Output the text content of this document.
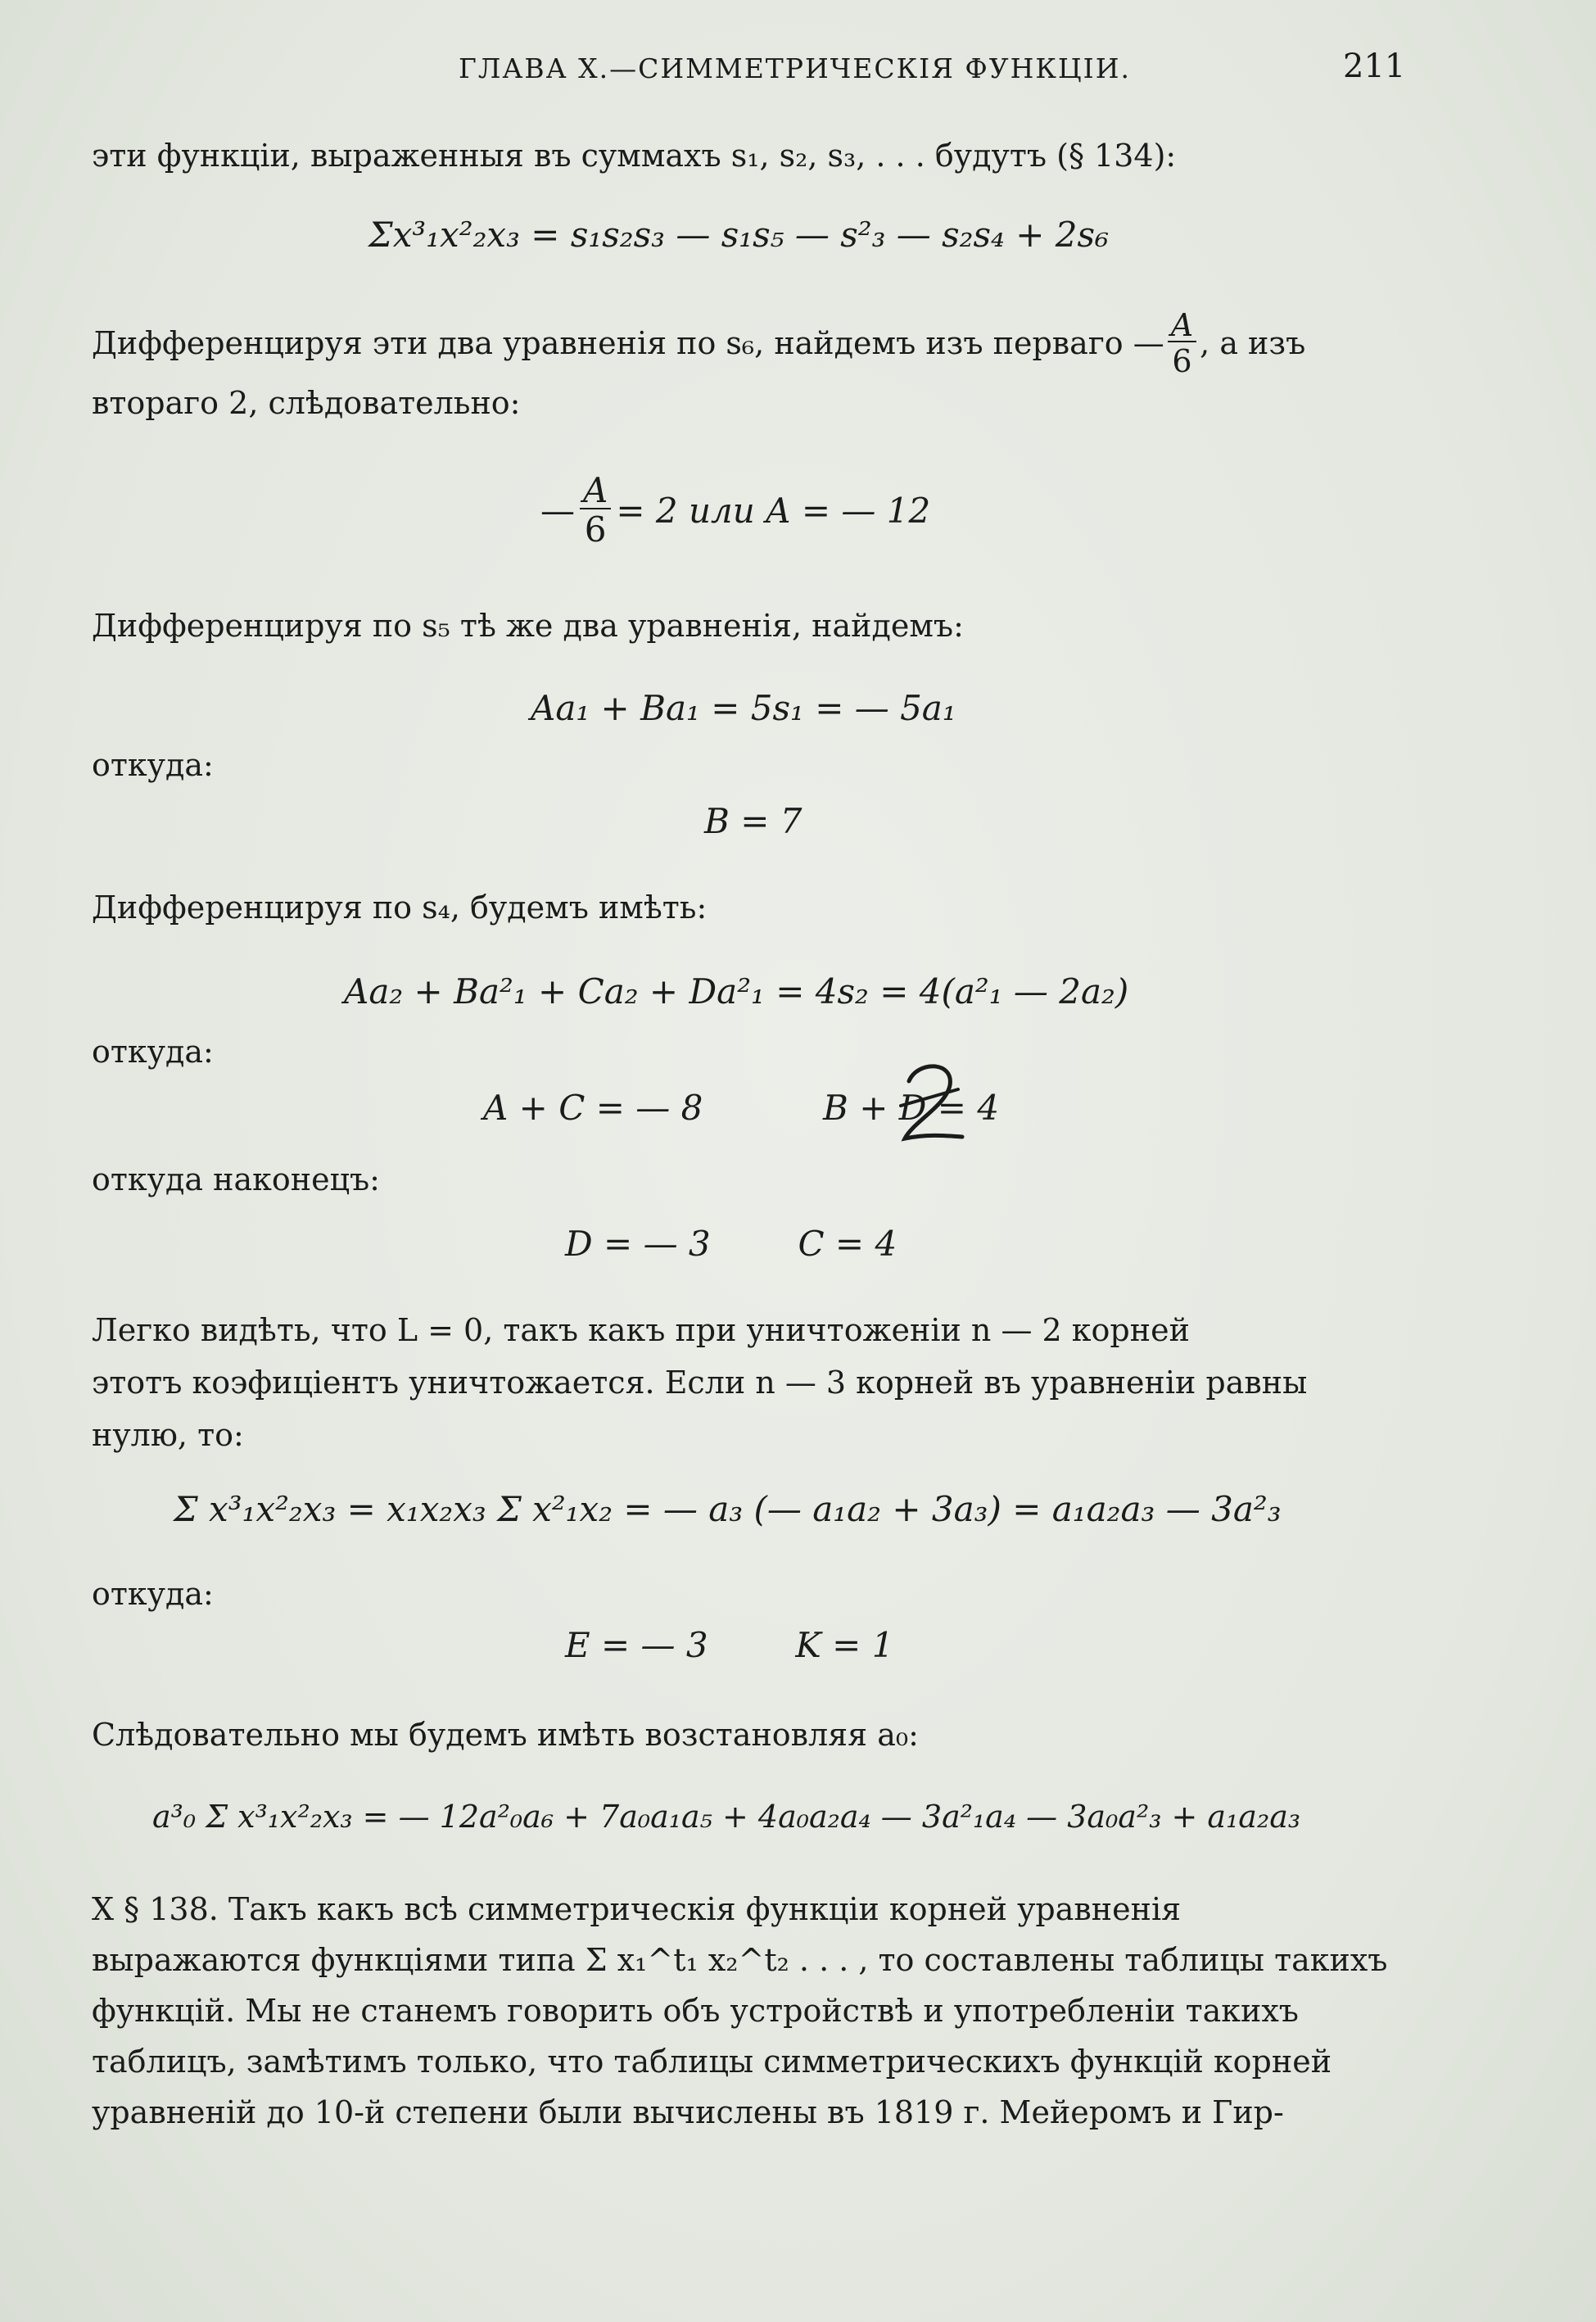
ГЛАВА X.—СИММЕТРИЧЕСКІЯ ФУНКЦІИ.	211
эти функціи, выраженныя въ суммахъ s₁, s₂, s₃, . . . будутъ (§ 134):
Σx³₁x²₂x₃ = s₁s₂s₃ — s₁s₅ — s²₃ — s₂s₄ + 2s₆
Дифференцируя эти два уравненія по s₆, найдемъ изъ перваго — $\frac{A}{6}$ , а изъ
втораго 2, слѣдовательно:
— $\frac{A}{6} = 2$ или A = — 12
Дифференцируя по s₅ тѣ же два уравненія, найдемъ:
Aa₁ + Ba₁ = 5s₁ = — 5a₁
откуда:
B = 7
Дифференцируя по s₄, будемъ имѣть:
Aa₂ + Ba²₁ + Ca₂ + Da²₁ = 4s₂ = 4(a²₁ — 2a₂)
откуда:
A + C = — 8	B + D = 4
откуда наконецъ:
D = — 3        C = 4
Легко видѣть, что L = 0, такъ какъ при уничтоженіи n — 2 корней
этотъ коэфиціентъ уничтожается. Если n — 3 корней въ уравненіи равны
нулю, то:
Σ x³₁x²₂x₃ = x₁x₂x₃ Σ x²₁x₂ = — a₃ (— a₁a₂ + 3a₃) = a₁a₂a₃ — 3a²₃
откуда:
E = — 3        K = 1
Слѣдовательно мы будемъ имѣть возстановляя a₀:
a³₀ Σ x³₁x²₂x₃ = — 12a²₀a₆ + 7a₀a₁a₅ + 4a₀a₂a₄ — 3a²₁a₄ — 3a₀a²₃ + a₁a₂a₃
X § 138. Такъ какъ всѣ симметрическія функціи корней уравненія
выражаются функціями типа Σ x₁^t₁ x₂^t₂ . . . , то составлены таблицы такихъ
функцій. Мы не станемъ говорить объ устройствѣ и употребленіи такихъ
таблицъ, замѣтимъ только, что таблицы симметрическихъ функцій корней
уравненій до 10-й степени были вычислены въ 1819 г. Мейеромъ и Гир-
